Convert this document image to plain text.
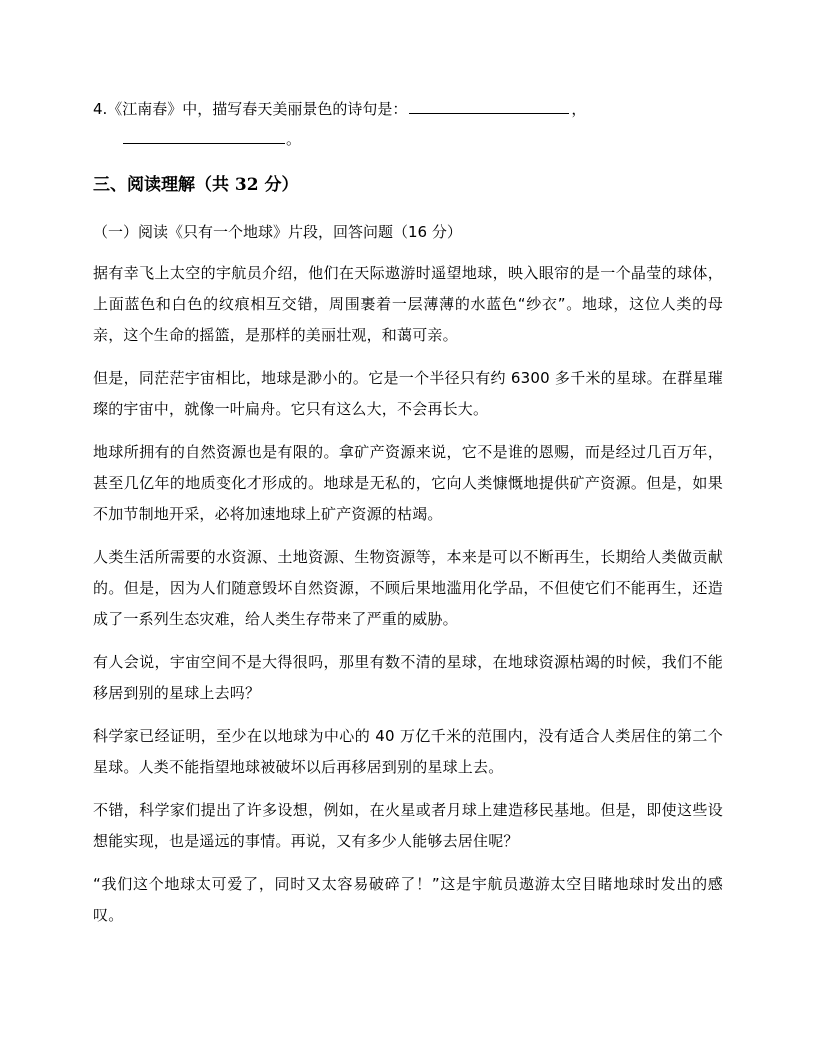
4.《江南春》中，描写春天美丽景色的诗句是：	，
。
三、阅读理解（共 32 分）
（一）阅读《只有一个地球》片段，回答问题（16 分）

据有幸飞上太空的宇航员介绍，他们在天际遨游时遥望地球，映入眼帘的是一个晶莹的球体，上面蓝色和白色的纹痕相互交错，周围裹着一层薄薄的水蓝色“纱衣”。地球，这位人类的母亲，这个生命的摇篮，是那样的美丽壮观，和蔼可亲。

但是，同茫茫宇宙相比，地球是渺小的。它是一个半径只有约 6300 多千米的星球。在群星璀璨的宇宙中，就像一叶扁舟。它只有这么大，不会再长大。

地球所拥有的自然资源也是有限的。拿矿产资源来说，它不是谁的恩赐，而是经过几百万年，甚至几亿年的地质变化才形成的。地球是无私的，它向人类慷慨地提供矿产资源。但是，如果不加节制地开采，必将加速地球上矿产资源的枯竭。

人类生活所需要的水资源、土地资源、生物资源等，本来是可以不断再生，长期给人类做贡献的。但是，因为人们随意毁坏自然资源，不顾后果地滥用化学品，不但使它们不能再生，还造成了一系列生态灾难，给人类生存带来了严重的威胁。

有人会说，宇宙空间不是大得很吗，那里有数不清的星球，在地球资源枯竭的时候，我们不能移居到别的星球上去吗？

科学家已经证明，至少在以地球为中心的 40 万亿千米的范围内，没有适合人类居住的第二个星球。人类不能指望地球被破坏以后再移居到别的星球上去。

不错，科学家们提出了许多设想，例如，在火星或者月球上建造移民基地。但是，即使这些设想能实现，也是遥远的事情。再说，又有多少人能够去居住呢？

“我们这个地球太可爱了，同时又太容易破碎了！”这是宇航员遨游太空目睹地球时发出的感叹。
